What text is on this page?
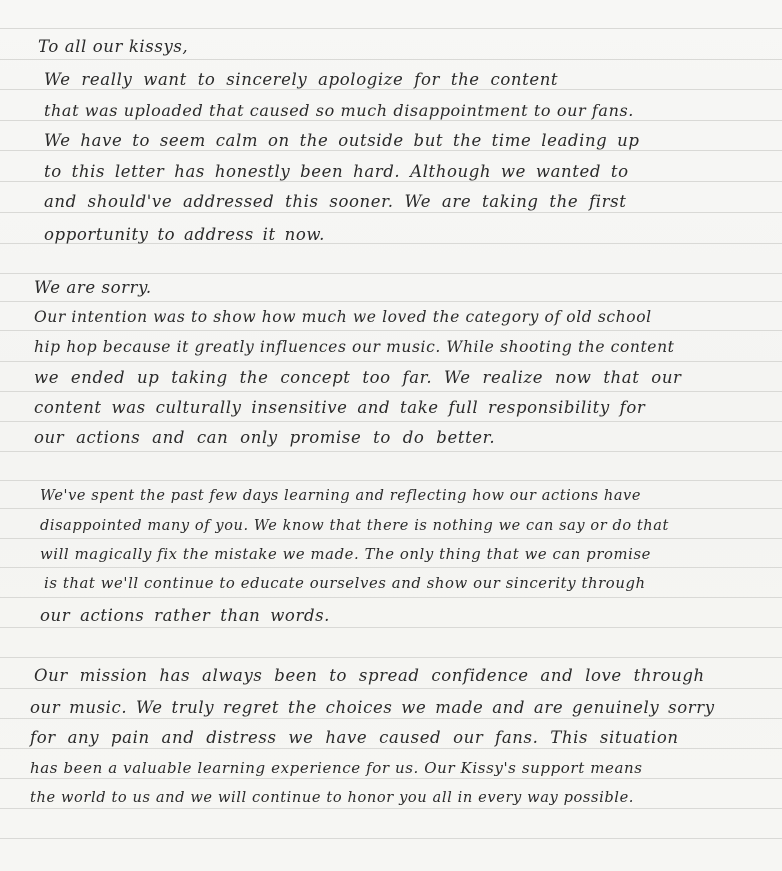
To all our kissys,
We really want to sincerely apologize for the content
that was uploaded that caused so much disappointment to our fans.
We have to seem calm on the outside but the time leading up
to this letter has honestly been hard. Although we wanted to
and should've addressed this sooner. We are taking the first
opportunity to address it now.
We are sorry.
Our intention was to show how much we loved the category of old school
hip hop because it greatly influences our music. While shooting the content
we ended up taking the concept too far. We realize now that our
content was culturally insensitive and take full responsibility for
our actions and can only promise to do better.
We've spent the past few days learning and reflecting how our actions have
disappointed many of you. We know that there is nothing we can say or do that
will magically fix the mistake we made. The only thing that we can promise
is that we'll continue to educate ourselves and show our sincerity through
our actions rather than words.
Our mission has always been to spread confidence and love through
our music. We truly regret the choices we made and are genuinely sorry
for any pain and distress we have caused our fans. This situation
has been a valuable learning experience for us. Our Kissy's support means
the world to us and we will continue to honor you all in every way possible.
